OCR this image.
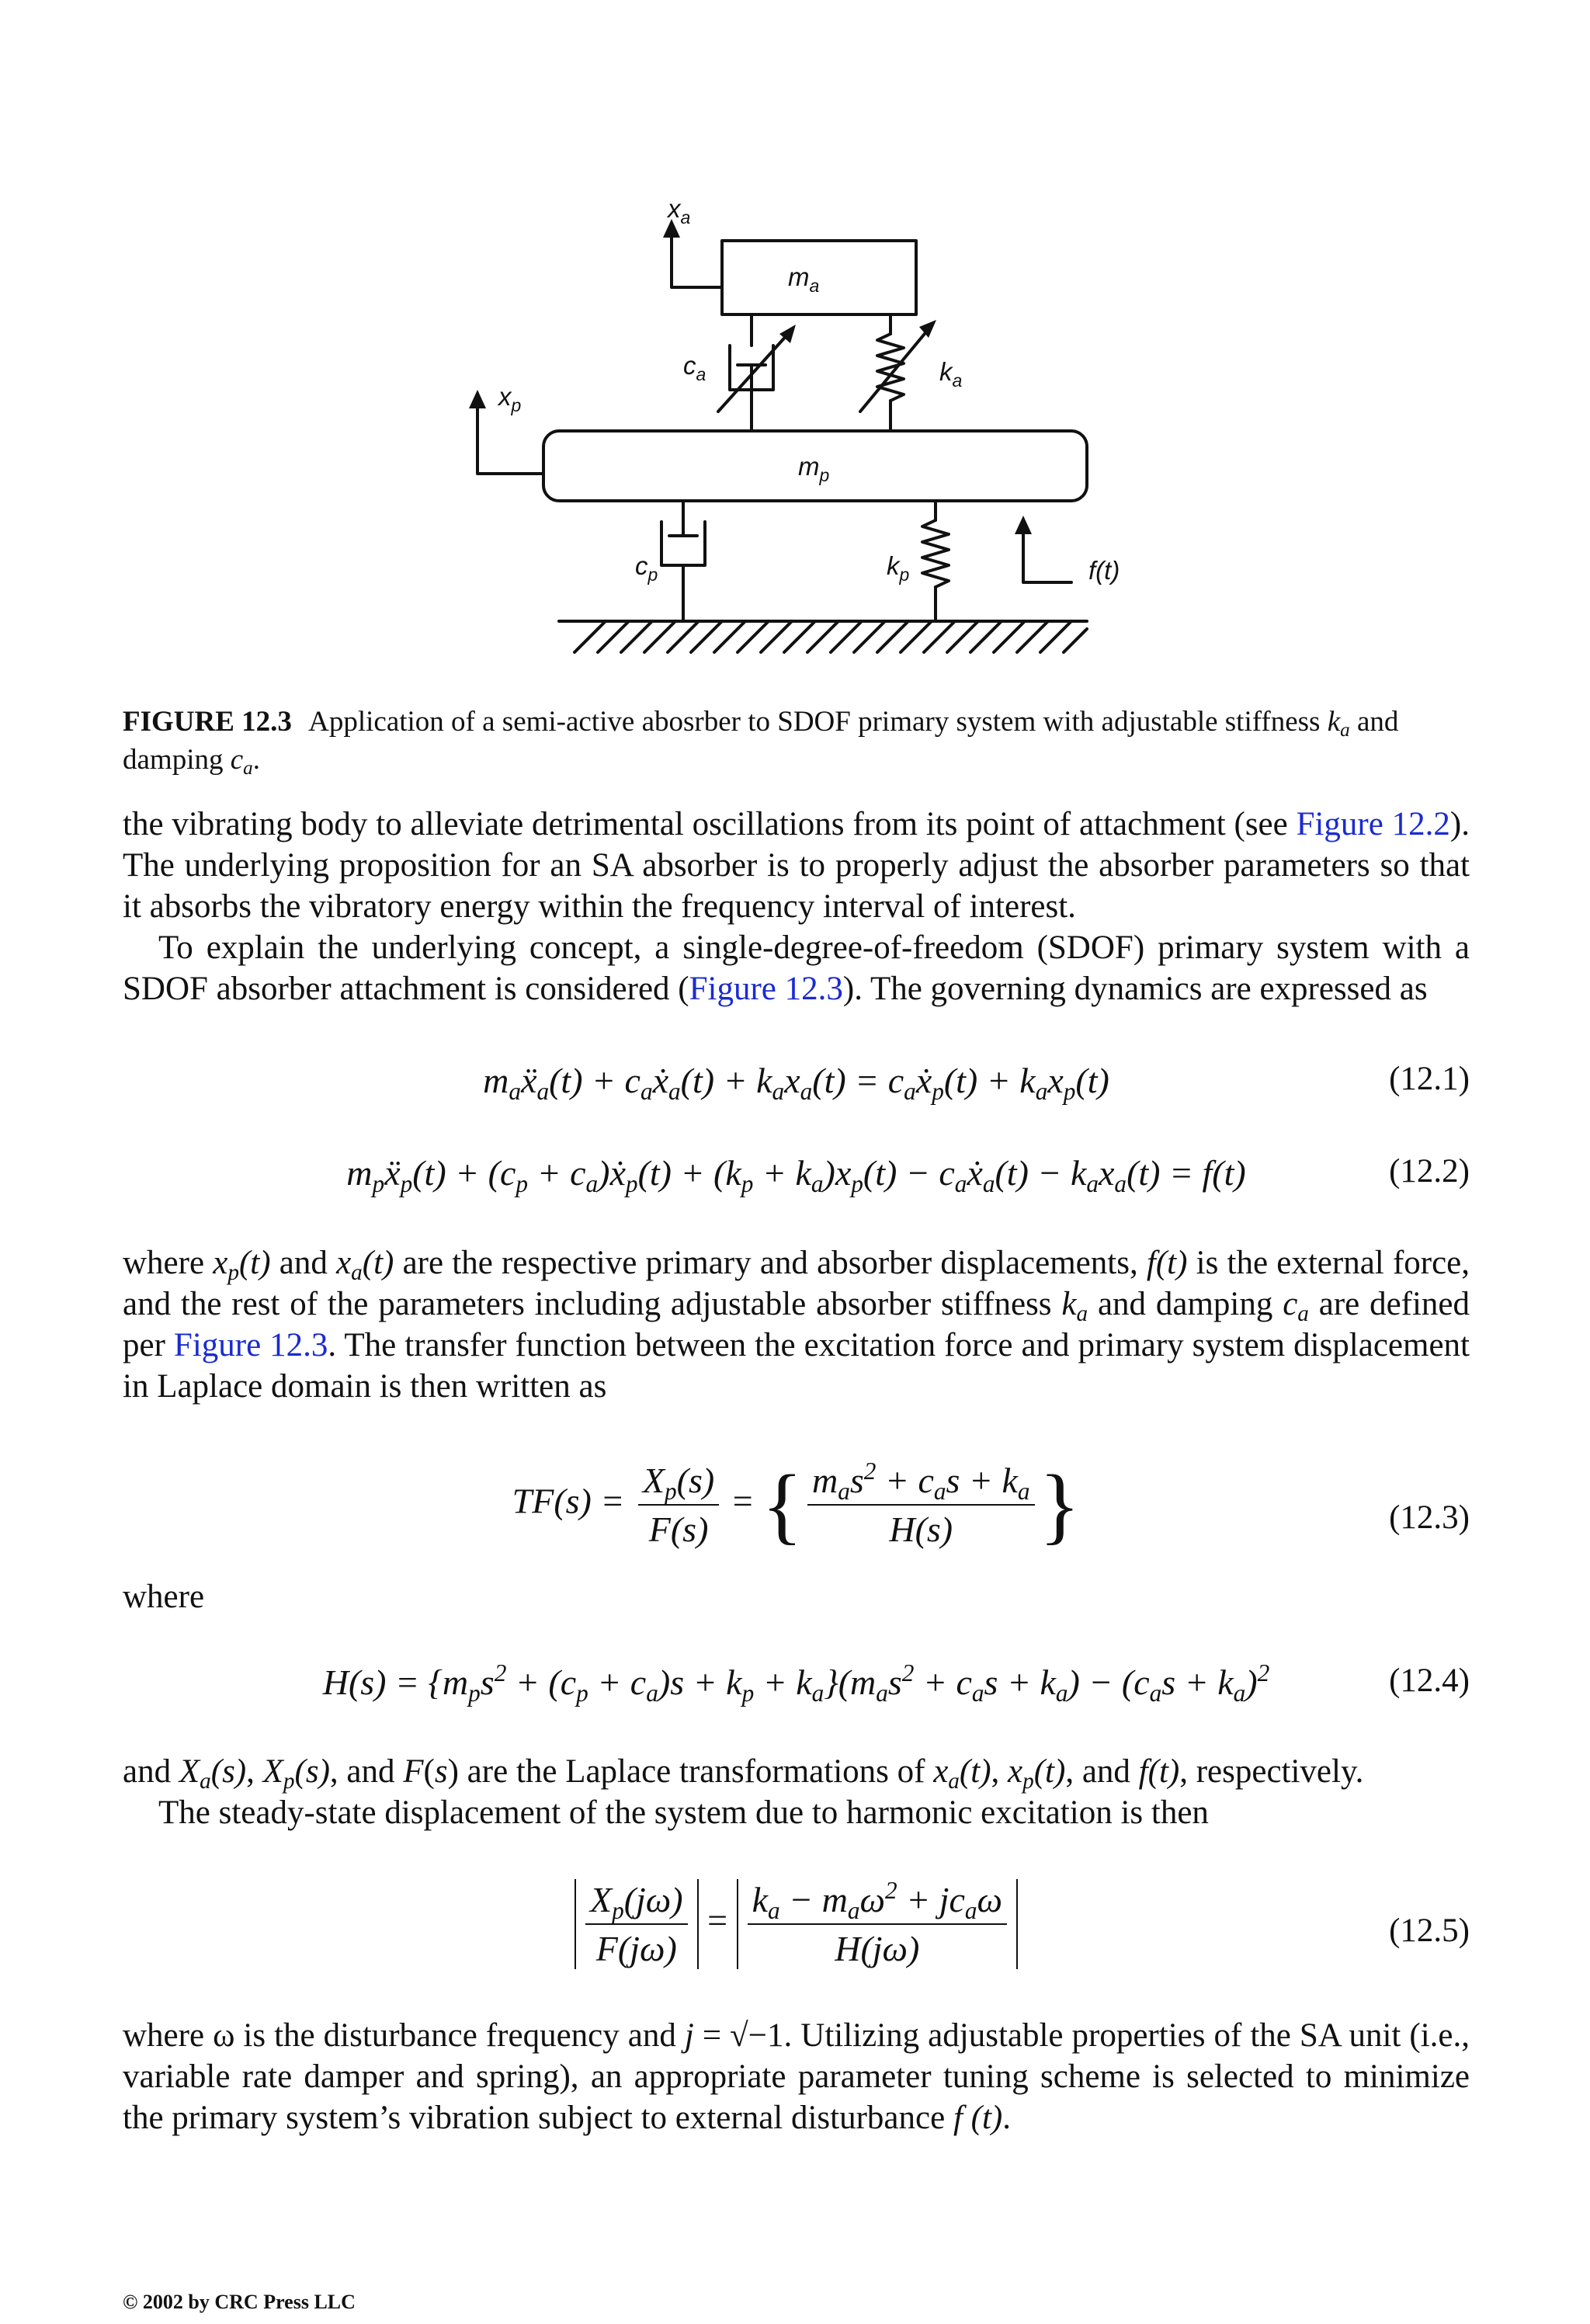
$x_a$
$m_a$
$c_a$	$k_a$
$x_p$
$m_p$
$c_p$	$k_p$	f(t)
FIGURE 12.3 Application of a semi-active abosrber to SDOF primary system with adjustable stiffness $k_a$ and
damping $c_a$.

the vibrating body to alleviate detrimental oscillations from its point of attachment (see Figure 12.2). The underlying proposition for an SA absorber is to properly adjust the absorber parameters so that it absorbs the vibratory energy within the frequency interval of interest.

To explain the underlying concept, a single-degree-of-freedom (SDOF) primary system with a SDOF absorber attachment is considered (Figure 12.3). The governing dynamics are expressed as

$m_aẍ_a(t)$ + $c_aẋ_a(t) + k_ax_a(t)$ = $c_aẋ_p(t) + k_ax_p(t)$	(12.1)
$m_pẍ_p(t) + (c_p$ + $c_a)ẋ_p(t) + (k_p + k_a)x_p(t)$ − $c_aẋ_a(t) - k_ax_a(t) = f(t)$	(12.2)

where $x_p(t)$ and $x_a(t)$ are the respective primary and absorber displacements, f(t) is the external force, and the rest of the parameters including adjustable absorber stiffness $k_a$ and damping $c_a$ are defined per Figure 12.3. The transfer function between the excitation force and primary system displacement in Laplace domain is then written as

$TF(s) = \frac{X_p(s)}{F(s)}$ = { $\frac{m_as^2 + c_as + k_a}{H(s)}$ }	(12.3)

where

$H(s) = \{m_ps^2 + (c_p + c_a)s + k_p + k_a\}(m_as^2 + c_as + k_a) - (c_as + k_a)^2$	(12.4)

and $X_a(s)$, $X_p(s)$, and F(s) are the Laplace transformations of $x_a(t)$, $x_p(t)$, and f(t), respectively.

The steady-state displacement of the system due to harmonic excitation is then

$\frac{X_p(j\omega)}{F(j\omega)} = \frac{k_a - m_a\omega^2 + jc_a\omega}{H(j\omega)}$	(12.5)

where ω is the disturbance frequency and j = √−1. Utilizing adjustable properties of the SA unit (i.e., variable rate damper and spring), an appropriate parameter tuning scheme is selected to minimize the primary system’s vibration subject to external disturbance f (t).

© 2002 by CRC Press LLC
